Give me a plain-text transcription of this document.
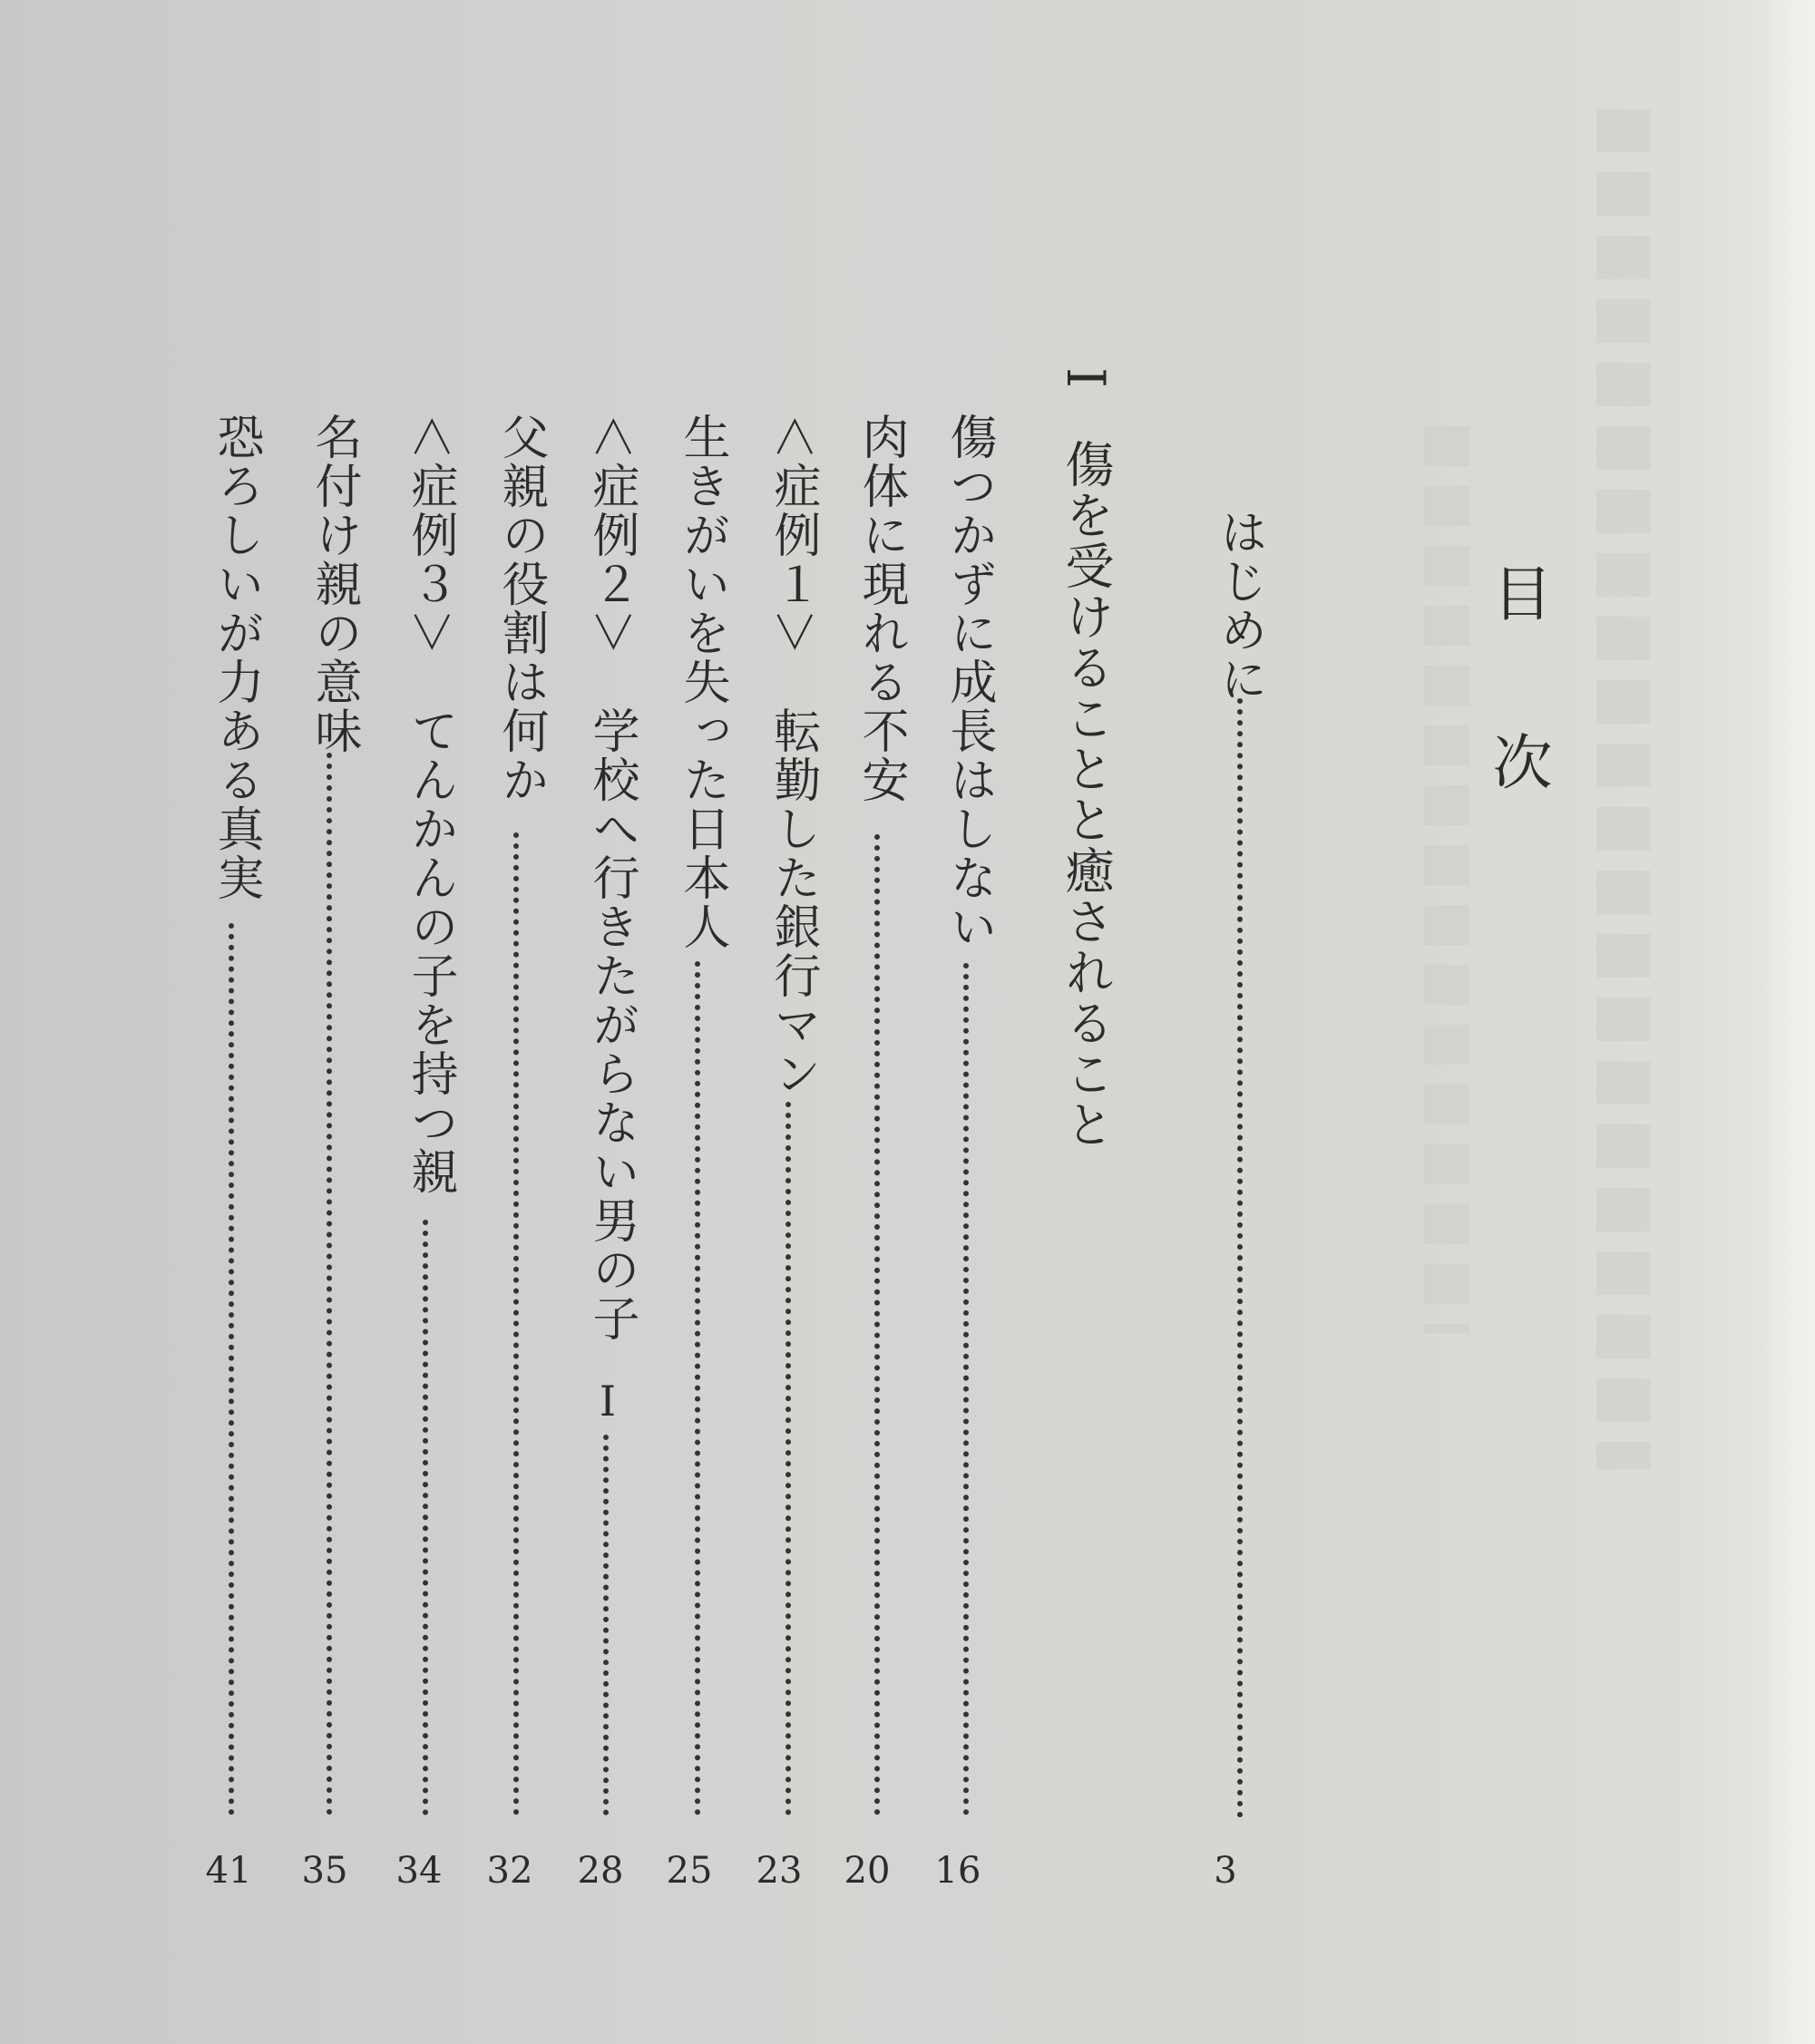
目次
はじめに
3
I傷を受けることと癒されること
傷つかずに成長はしない
16
肉体に現れる不安
20
＜症例１＞　転勤した銀行マン
23
生きがいを失った日本人
25
＜症例２＞　学校へ行きたがらない男の子
I
28
父親の役割は何か
32
＜症例３＞　てんかんの子を持つ親
34
名付け親の意味
35
恐ろしいが力ある真実
41
